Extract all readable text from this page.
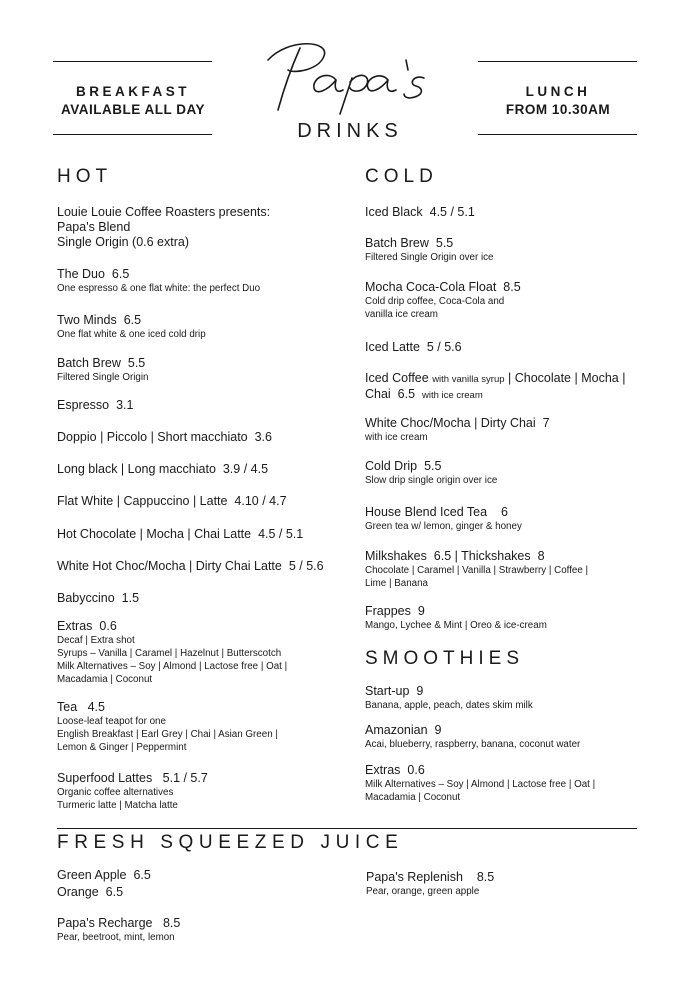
BREAKFAST
AVAILABLE ALL DAY
LUNCH
FROM 10.30AM
Papa's
DRINKS
HOT
Louie Louie Coffee Roasters presents:
Papa's Blend
Single Origin (0.6 extra)
The Duo 6.5
One espresso & one flat white: the perfect Duo
Two Minds 6.5
One flat white & one iced cold drip
Batch Brew 5.5
Filtered Single Origin
Espresso 3.1
Doppio | Piccolo | Short macchiato 3.6
Long black | Long macchiato 3.9 / 4.5
Flat White | Cappuccino | Latte 4.10 / 4.7
Hot Chocolate | Mocha | Chai Latte 4.5 / 5.1
White Hot Choc/Mocha | Dirty Chai Latte 5 / 5.6
Babyccino 1.5
Extras 0.6
Decaf | Extra shot
Syrups – Vanilla | Caramel | Hazelnut | Butterscotch
Milk Alternatives – Soy | Almond | Lactose free | Oat |
Macadamia | Coconut
Tea 4.5
Loose-leaf teapot for one
English Breakfast | Earl Grey | Chai | Asian Green |
Lemon & Ginger | Peppermint
Superfood Lattes 5.1 / 5.7
Organic coffee alternatives
Turmeric latte | Matcha latte
COLD
Iced Black 4.5 / 5.1
Batch Brew 5.5
Filtered Single Origin over ice
Mocha Coca-Cola Float 8.5
Cold drip coffee, Coca-Cola and
vanilla ice cream
Iced Latte 5 / 5.6
Iced Coffee with vanilla syrup | Chocolate | Mocha |
Chai 6.5 with ice cream
White Choc/Mocha | Dirty Chai 7
with ice cream
Cold Drip 5.5
Slow drip single origin over ice
House Blend Iced Tea 6
Green tea w/ lemon, ginger & honey
Milkshakes 6.5 | Thickshakes 8
Chocolate | Caramel | Vanilla | Strawberry | Coffee |
Lime | Banana
Frappes 9
Mango, Lychee & Mint | Oreo & ice-cream
SMOOTHIES
Start-up 9
Banana, apple, peach, dates skim milk
Amazonian 9
Acai, blueberry, raspberry, banana, coconut water
Extras 0.6
Milk Alternatives – Soy | Almond | Lactose free | Oat |
Macadamia | Coconut
FRESH SQUEEZED JUICE
Green Apple 6.5
Orange 6.5
Papa's Recharge 8.5
Pear, beetroot, mint, lemon
Papa's Replenish 8.5
Pear, orange, green apple
